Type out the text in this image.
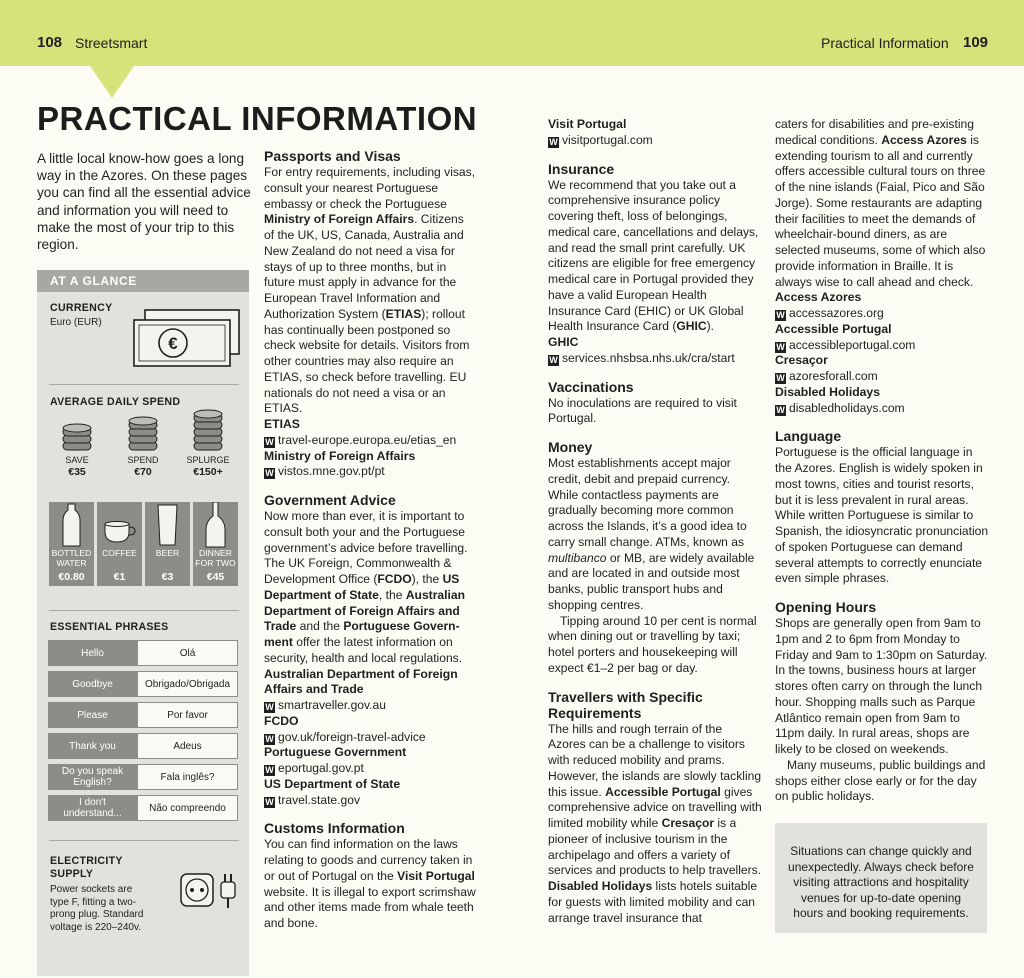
108 Streetsmart	Practical Information 109
PRACTICAL INFORMATION

A little local know-how goes a long way in the Azores. On these pages you can find all the essential advice and information you will need to make the most of your trip to this region.

AT A GLANCE
CURRENCY
Euro (EUR)
€
AVERAGE DAILY SPEND
SAVE
€35
SPEND
€70
SPLURGE
€150+
BOTTLED WATER
€0.80
COFFEE
€1
BEER
€3
DINNER FOR TWO
€45
ESSENTIAL PHRASES
Hello	Olá
Goodbye	Obrigado/Obrigada
Please	Por favor
Thank you	Adeus
Do you speak English?	Fala inglês?
I don't understand...	Não compreendo
ELECTRICITY SUPPLY
Power sockets are type F, fitting a two-prong plug. Standard voltage is 220–240v.
Passports and Visas

For entry requirements, including visas, consult your nearest Portuguese embassy or check the Portuguese Ministry of Foreign Affairs. Citizens of the UK, US, Canada, Australia and New Zealand do not need a visa for stays of up to three months, but in future must apply in advance for the European Travel Information and Authorization System (ETIAS); rollout has continually been postponed so check website for details. Visitors from other countries may also require an ETIAS, so check before travelling. EU nationals do not need a visa or an ETIAS.

ETIAS
W travel-europe.europa.eu/etias_en
Ministry of Foreign Affairs
W vistos.mne.gov.pt/pt
Government Advice

Now more than ever, it is important to consult both your and the Portuguese government’s advice before travelling. The UK Foreign, Commonwealth & Development Office (FCDO), the US Department of State, the Australian Department of Foreign Affairs and Trade and the Portuguese Government offer the latest information on security, health and local regulations.

Australian Department of Foreign Affairs and Trade
W smartraveller.gov.au
FCDO
W gov.uk/foreign-travel-advice
Portuguese Government
W eportugal.gov.pt
US Department of State
W travel.state.gov
Customs Information

You can find information on the laws relating to goods and currency taken in or out of Portugal on the Visit Portugal website. It is illegal to export scrimshaw and other items made from whale teeth and bone.

Visit Portugal
W visitportugal.com
Insurance

We recommend that you take out a comprehensive insurance policy covering theft, loss of belongings, medical care, cancellations and delays, and read the small print carefully. UK citizens are eligible for free emergency medical care in Portugal provided they have a valid European Health Insurance Card (EHIC) or UK Global Health Insurance Card (GHIC).

GHIC
W services.nhsbsa.nhs.uk/cra/start
Vaccinations

No inoculations are required to visit Portugal.

Money

Most establishments accept major credit, debit and prepaid currency. While contactless payments are gradually becoming more common across the Islands, it’s a good idea to carry small change. ATMs, known as multibanco or MB, are widely available and are located in and outside most banks, public transport hubs and shopping centres.

Tipping around 10 per cent is normal when dining out or travelling by taxi; hotel porters and housekeeping will expect €1–2 per bag or day.

Travellers with Specific Requirements

The hills and rough terrain of the Azores can be a challenge to visitors with reduced mobility and prams. However, the islands are slowly tackling this issue. Accessible Portugal gives comprehensive advice on travelling with limited mobility while Cresaçor is a pioneer of inclusive tourism in the archipelago and offers a variety of services and products to help travellers. Disabled Holidays lists hotels suitable for guests with limited mobility and can arrange travel insurance that

caters for disabilities and pre-existing medical conditions. Access Azores is extending tourism to all and currently offers accessible cultural tours on three of the nine islands (Faial, Pico and São Jorge). Some restaurants are adapting their facilities to meet the demands of wheelchair-bound diners, as are selected museums, some of which also provide information in Braille. It is always wise to call ahead and check.

Access Azores
W accessazores.org
Accessible Portugal
W accessibleportugal.com
Cresaçor
W azoresforall.com
Disabled Holidays
W disabledholidays.com
Language

Portuguese is the official language in the Azores. English is widely spoken in most towns, cities and tourist resorts, but it is less prevalent in rural areas. While written Portuguese is similar to Spanish, the idiosyncratic pronunciation of spoken Portuguese can demand several attempts to correctly enunciate even simple phrases.

Opening Hours

Shops are generally open from 9am to 1pm and 2 to 6pm from Monday to Friday and 9am to 1:30pm on Saturday. In the towns, business hours at larger stores often carry on through the lunch hour. Shopping malls such as Parque Atlântico remain open from 9am to 11pm daily. In rural areas, shops are likely to be closed on weekends.

Many museums, public buildings and shops either close early or for the day on public holidays.

Situations can change quickly and unexpectedly. Always check before visiting attractions and hospitality venues for up-to-date opening hours and booking requirements.
